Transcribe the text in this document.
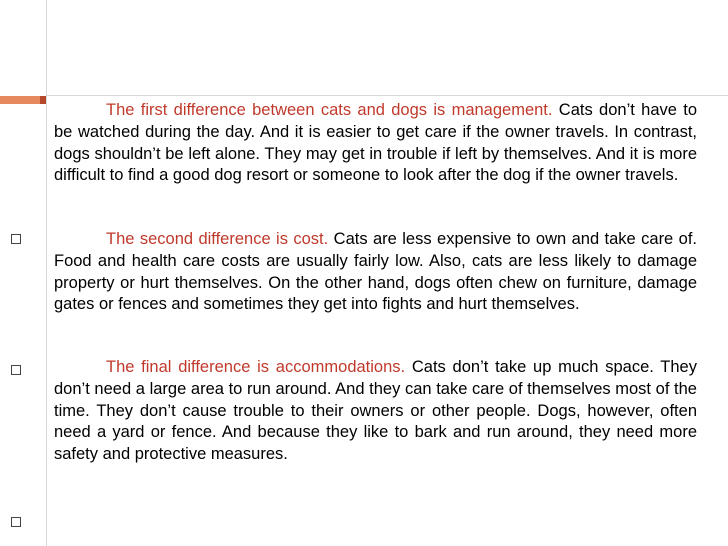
The first difference between cats and dogs is management. Cats don’t have to be watched during the day. And it is easier to get care if the owner travels. In contrast, dogs shouldn’t be left alone. They may get in trouble if left by themselves. And it is more difficult to find a good dog resort or someone to look after the dog if the owner travels.
The second difference is cost. Cats are less expensive to own and take care of. Food and health care costs are usually fairly low. Also, cats are less likely to damage property or hurt themselves. On the other hand, dogs often chew on furniture, damage gates or fences and sometimes they get into fights and hurt themselves.
The final difference is accommodations. Cats don’t take up much space. They don’t need a large area to run around. And they can take care of themselves most of the time. They don’t cause trouble to their owners or other people. Dogs, however, often need a yard or fence. And because they like to bark and run around, they need more safety and protective measures.
